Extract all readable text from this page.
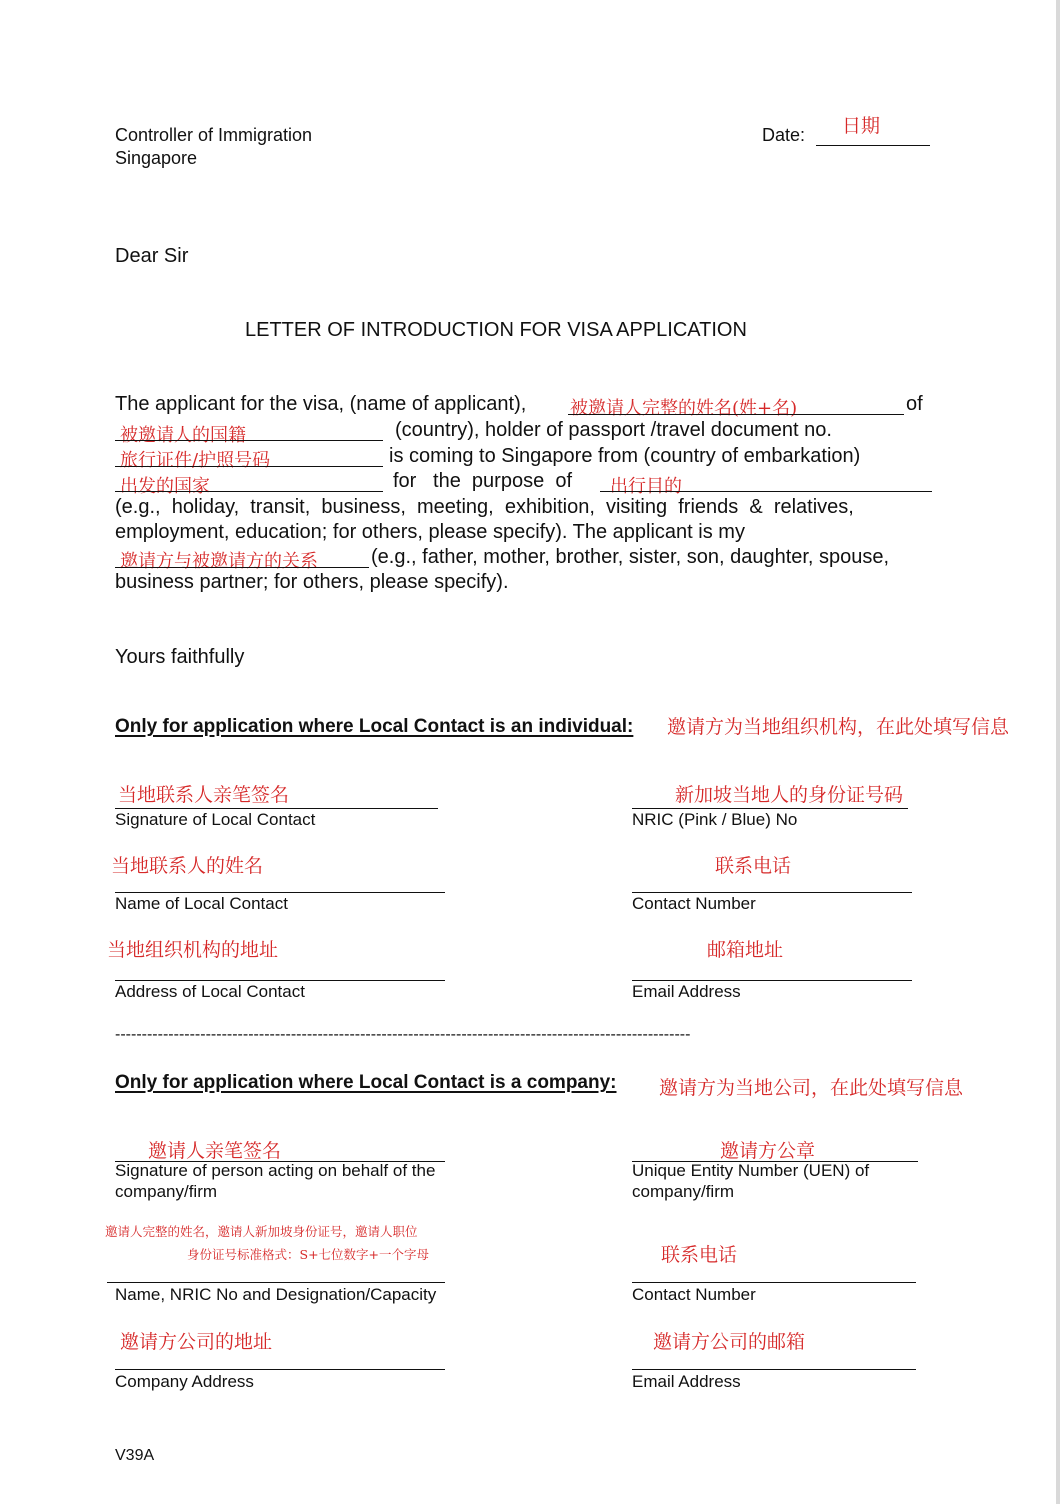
Controller of Immigration
Singapore
Date: 日期
Dear Sir
LETTER OF INTRODUCTION FOR VISA APPLICATION
The applicant for the visa, (name of applicant), 被邀请人完整的姓名(姓+名)	of
被邀请人的国籍	(country), holder of passport /travel document no.
旅行证件/护照号码	is coming to Singapore from (country of embarkation)
出发的国家	for   the  purpose  of 出行目的
(e.g.,  holiday,  transit,  business,  meeting,  exhibition,  visiting  friends  &  relatives,
employment, education; for others, please specify). The applicant is my
邀请方与被邀请方的关系	(e.g., father, mother, brother, sister, son, daughter, spouse,
business partner; for others, please specify).
Yours faithfully
Only for application where Local Contact is an individual: 邀请方为当地组织机构，在此处填写信息
当地联系人亲笔签名
Signature of Local Contact
新加坡当地人的身份证号码
NRIC (Pink / Blue) No
当地联系人的姓名
Name of Local Contact
联系电话
Contact Number
当地组织机构的地址
Address of Local Contact
邮箱地址
Email Address
------------------------------------------------------------------------------------------------------------
Only for application where Local Contact is a company: 邀请方为当地公司，在此处填写信息
邀请人亲笔签名
Signature of person acting on behalf of the
company/firm
邀请方公章
Unique Entity Number (UEN) of
company/firm
邀请人完整的姓名，邀请人新加坡身份证号，邀请人职位
身份证号标准格式：S+七位数字+一个字母
Name, NRIC No and Designation/Capacity
联系电话
Contact Number
邀请方公司的地址
Company Address
邀请方公司的邮箱
Email Address
V39A
